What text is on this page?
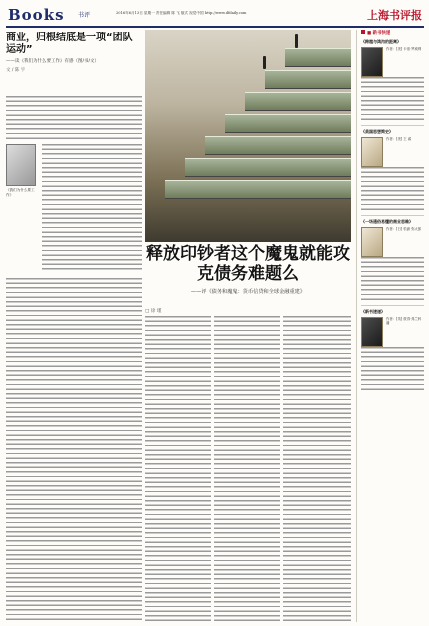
Books 书评	2016年6月13日 星期一 责任编辑 陈 飞 版式 视觉中国 http://www.dfdaily.com	上海书评报
商业，归根结底是一项“团队运动”
——读《我们为什么要工作》有感（图/书/文）
文 / 陈 宇
《我们为什么要工作》
释放印钞者这个魔鬼就能攻克债务难题么
——评《债务和魔鬼：货币信贷和全球金融重建》
□ 徐 瑾
■ 新书快递
《跨越与鸿沟的距离》
作者：[美] 卡洛·罗威利
《美国思想简史》
作者：[美] 王 睿
《一场通俗易懂的商业思维》
作者：[日] 松浦 弥太郎
《新书速递》
作者：[英] 彼得·弗兰科潘
